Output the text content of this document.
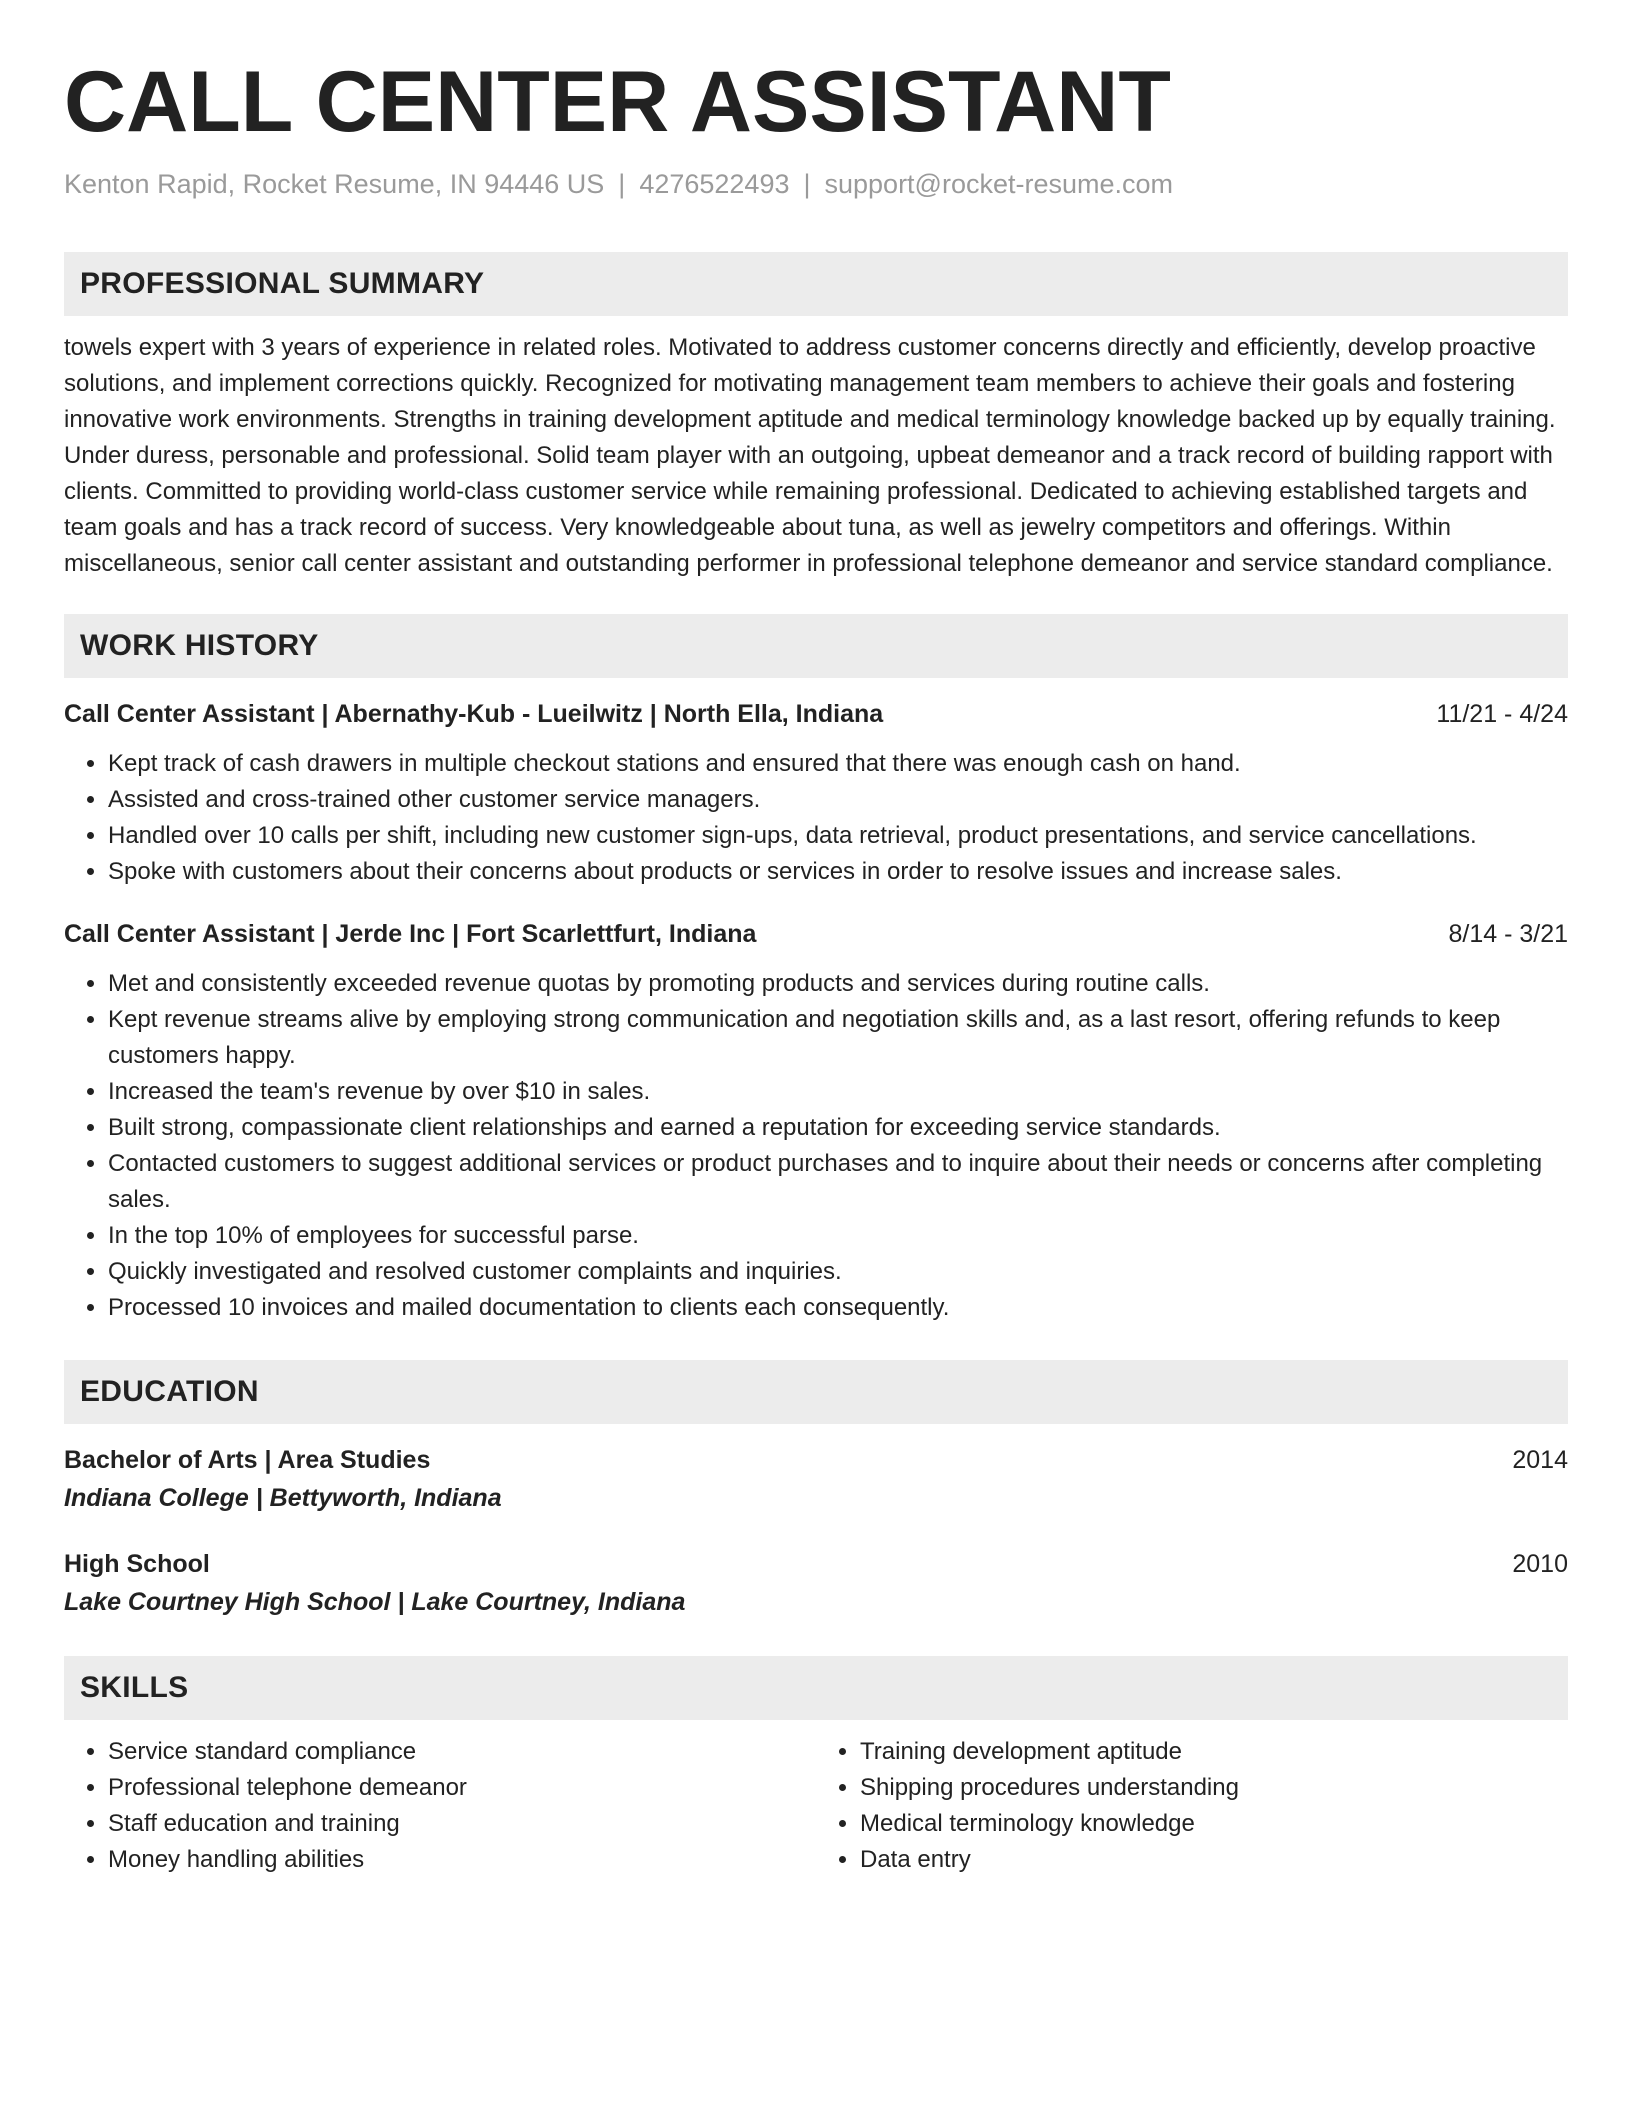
CALL CENTER ASSISTANT
Kenton Rapid, Rocket Resume, IN 94446 US | 4276522493 | support@rocket-resume.com
PROFESSIONAL SUMMARY
towels expert with 3 years of experience in related roles. Motivated to address customer concerns directly and efficiently, develop proactive solutions, and implement corrections quickly. Recognized for motivating management team members to achieve their goals and fostering innovative work environments. Strengths in training development aptitude and medical terminology knowledge backed up by equally training. Under duress, personable and professional. Solid team player with an outgoing, upbeat demeanor and a track record of building rapport with clients. Committed to providing world-class customer service while remaining professional. Dedicated to achieving established targets and team goals and has a track record of success. Very knowledgeable about tuna, as well as jewelry competitors and offerings. Within miscellaneous, senior call center assistant and outstanding performer in professional telephone demeanor and service standard compliance.
WORK HISTORY
Call Center Assistant | Abernathy-Kub - Lueilwitz | North Ella, Indiana	11/21 - 4/24
• Kept track of cash drawers in multiple checkout stations and ensured that there was enough cash on hand.
• Assisted and cross-trained other customer service managers.
• Handled over 10 calls per shift, including new customer sign-ups, data retrieval, product presentations, and service cancellations.
• Spoke with customers about their concerns about products or services in order to resolve issues and increase sales.
Call Center Assistant | Jerde Inc | Fort Scarlettfurt, Indiana	8/14 - 3/21
• Met and consistently exceeded revenue quotas by promoting products and services during routine calls.
• Kept revenue streams alive by employing strong communication and negotiation skills and, as a last resort, offering refunds to keep customers happy.
• Increased the team's revenue by over $10 in sales.
• Built strong, compassionate client relationships and earned a reputation for exceeding service standards.
• Contacted customers to suggest additional services or product purchases and to inquire about their needs or concerns after completing sales.
• In the top 10% of employees for successful parse.
• Quickly investigated and resolved customer complaints and inquiries.
• Processed 10 invoices and mailed documentation to clients each consequently.
EDUCATION
Bachelor of Arts | Area Studies	2014
Indiana College | Bettyworth, Indiana
High School	2010
Lake Courtney High School | Lake Courtney, Indiana
SKILLS
• Service standard compliance
• Professional telephone demeanor
• Staff education and training
• Money handling abilities
• Training development aptitude
• Shipping procedures understanding
• Medical terminology knowledge
• Data entry
